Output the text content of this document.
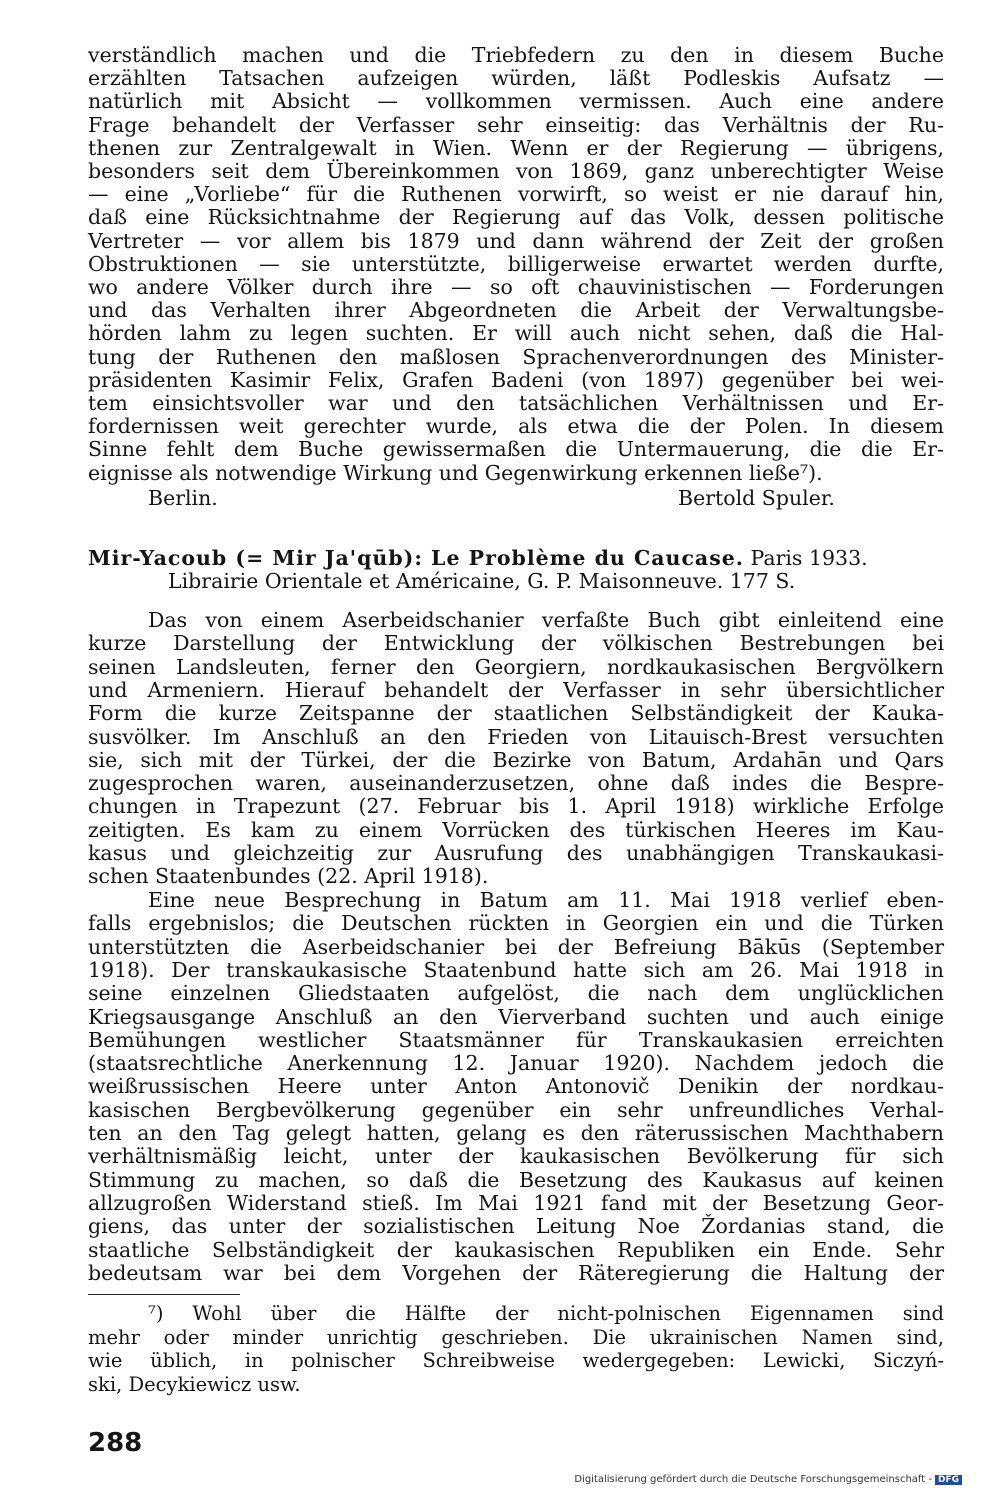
verständlich machen und die Triebfedern zu den in diesem Buche
erzählten Tatsachen aufzeigen würden, läßt Podleskis Aufsatz —
natürlich mit Absicht — vollkommen vermissen. Auch eine andere
Frage behandelt der Verfasser sehr einseitig: das Verhältnis der Ru-
thenen zur Zentralgewalt in Wien. Wenn er der Regierung — übrigens,
besonders seit dem Übereinkommen von 1869, ganz unberechtigter Weise
— eine „Vorliebe“ für die Ruthenen vorwirft, so weist er nie darauf hin,
daß eine Rücksichtnahme der Regierung auf das Volk, dessen politische
Vertreter — vor allem bis 1879 und dann während der Zeit der großen
Obstruktionen — sie unterstützte, billigerweise erwartet werden durfte,
wo andere Völker durch ihre — so oft chauvinistischen — Forderungen
und das Verhalten ihrer Abgeordneten die Arbeit der Verwaltungsbe-
hörden lahm zu legen suchten. Er will auch nicht sehen, daß die Hal-
tung der Ruthenen den maßlosen Sprachenverordnungen des Minister-
präsidenten Kasimir Felix, Grafen Badeni (von 1897) gegenüber bei wei-
tem einsichtsvoller war und den tatsächlichen Verhältnissen und Er-
fordernissen weit gerechter wurde, als etwa die der Polen. In diesem
Sinne fehlt dem Buche gewissermaßen die Untermauerung, die die Er-
eignisse als notwendige Wirkung und Gegenwirkung erkennen ließe⁷).
Berlin.	Bertold Spuler.
Mir-Yacoub (= Mir Ja'qūb): Le Problème du Caucase. Paris 1933.
Librairie Orientale et Américaine, G. P. Maisonneuve. 177 S.
Das von einem Aserbeidschanier verfaßte Buch gibt einleitend eine
kurze Darstellung der Entwicklung der völkischen Bestrebungen bei
seinen Landsleuten, ferner den Georgiern, nordkaukasischen Bergvölkern
und Armeniern. Hierauf behandelt der Verfasser in sehr übersichtlicher
Form die kurze Zeitspanne der staatlichen Selbständigkeit der Kauka-
susvölker. Im Anschluß an den Frieden von Litauisch-Brest versuchten
sie, sich mit der Türkei, der die Bezirke von Batum, Ardahān und Qars
zugesprochen waren, auseinanderzusetzen, ohne daß indes die Bespre-
chungen in Trapezunt (27. Februar bis 1. April 1918) wirkliche Erfolge
zeitigten. Es kam zu einem Vorrücken des türkischen Heeres im Kau-
kasus und gleichzeitig zur Ausrufung des unabhängigen Transkaukasi-
schen Staatenbundes (22. April 1918).
Eine neue Besprechung in Batum am 11. Mai 1918 verlief eben-
falls ergebnislos; die Deutschen rückten in Georgien ein und die Türken
unterstützten die Aserbeidschanier bei der Befreiung Bākūs (September
1918). Der transkaukasische Staatenbund hatte sich am 26. Mai 1918 in
seine einzelnen Gliedstaaten aufgelöst, die nach dem unglücklichen
Kriegsausgange Anschluß an den Vierverband suchten und auch einige
Bemühungen westlicher Staatsmänner für Transkaukasien erreichten
(staatsrechtliche Anerkennung 12. Januar 1920). Nachdem jedoch die
weißrussischen Heere unter Anton Antonovič Denikin der nordkau-
kasischen Bergbevölkerung gegenüber ein sehr unfreundliches Verhal-
ten an den Tag gelegt hatten, gelang es den räterussischen Machthabern
verhältnismäßig leicht, unter der kaukasischen Bevölkerung für sich
Stimmung zu machen, so daß die Besetzung des Kaukasus auf keinen
allzugroßen Widerstand stieß. Im Mai 1921 fand mit der Besetzung Geor-
giens, das unter der sozialistischen Leitung Noe Žordanias stand, die
staatliche Selbständigkeit der kaukasischen Republiken ein Ende. Sehr
bedeutsam war bei dem Vorgehen der Räteregierung die Haltung der
⁷) Wohl über die Hälfte der nicht-polnischen Eigennamen sind
mehr oder minder unrichtig geschrieben. Die ukrainischen Namen sind,
wie üblich, in polnischer Schreibweise wedergegeben: Lewicki, Siczyń-
ski, Decykiewicz usw.
288
Digitalisierung gefördert durch die Deutsche Forschungsgemeinschaft - DFG
